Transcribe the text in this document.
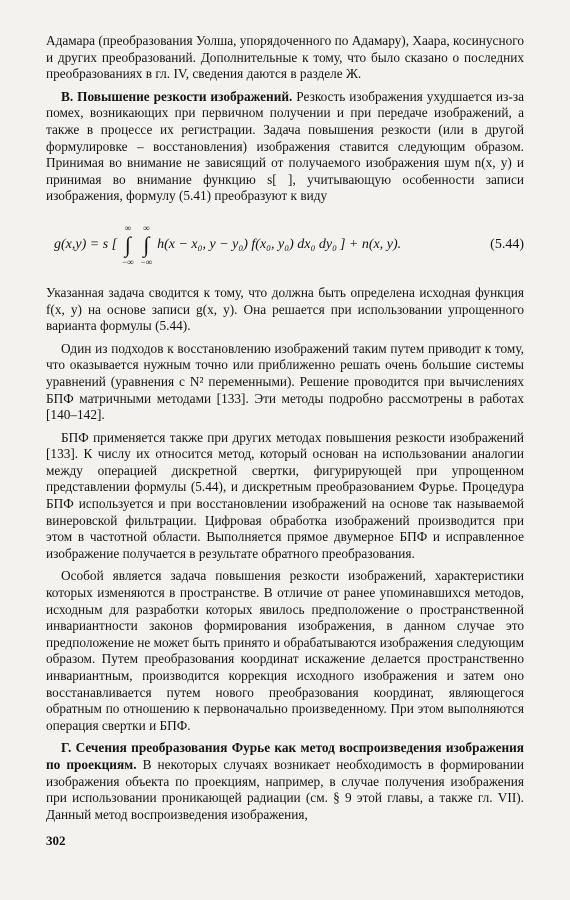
Адамара (преобразования Уолша, упорядоченного по Адамару), Хаара, косинусного и других преобразований. Дополнительные к тому, что было сказано о последних преобразованиях в гл. IV, сведения даются в разделе Ж.

В. Повышение резкости изображений. Резкость изображения ухудшается из-за помех, возникающих при первичном получении и при передаче изображений, а также в процессе их регистрации. Задача повышения резкости (или в другой формулировке – восстановления) изображения ставится следующим образом. Принимая во внимание не зависящий от получаемого изображения шум n(x, y) и принимая во внимание функцию s[ ], учитывающую особенности записи изображения, формулу (5.41) преобразуют к виду

g(x,y) = s [
∞
∫
−∞
∞
∫
−∞
h(x − x₀, y − y₀) f(x₀, y₀) dx₀ dy₀ ] + n(x, y).	(5.44)

Указанная задача сводится к тому, что должна быть определена исходная функция f(x, y) на основе записи g(x, y). Она решается при использовании упрощенного варианта формулы (5.44).

Один из подходов к восстановлению изображений таким путем приводит к тому, что оказывается нужным точно или приближенно решать очень большие системы уравнений (уравнения с N² переменными). Решение проводится при вычислениях БПФ матричными методами [133]. Эти методы подробно рассмотрены в работах [140–142].

БПФ применяется также при других методах повышения резкости изображений [133]. К числу их относится метод, который основан на использовании аналогии между операцией дискретной свертки, фигурирующей при упрощенном представлении формулы (5.44), и дискретным преобразованием Фурье. Процедура БПФ используется и при восстановлении изображений на основе так называемой винеровской фильтрации. Цифровая обработка изображений производится при этом в частотной области. Выполняется прямое двумерное БПФ и исправленное изображение получается в результате обратного преобразования.

Особой является задача повышения резкости изображений, характеристики которых изменяются в пространстве. В отличие от ранее упоминавшихся методов, исходным для разработки которых явилось предположение о пространственной инвариантности законов формирования изображения, в данном случае это предположение не может быть принято и обрабатываются изображения следующим образом. Путем преобразования координат искажение делается пространственно инвариантным, производится коррекция исходного изображения и затем оно восстанавливается путем нового преобразования координат, являющегося обратным по отношению к первоначально произведенному. При этом выполняются операция свертки и БПФ.

Г. Сечения преобразования Фурье как метод воспроизведения изображения по проекциям. В некоторых случаях возникает необходимость в формировании изображения объекта по проекциям, например, в случае получения изображения при использовании проникающей радиации (см. § 9 этой главы, а также гл. VII). Данный метод воспроизведения изображения,

302
